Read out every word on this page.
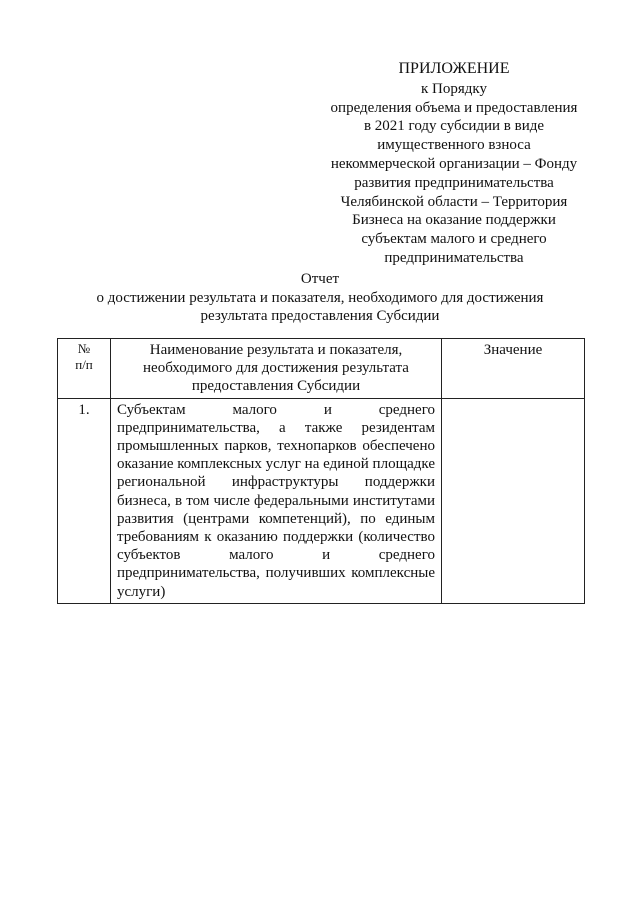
ПРИЛОЖЕНИЕ
к Порядку
определения объема и предоставления
в 2021 году субсидии в виде
имущественного взноса
некоммерческой организации – Фонду
развития предпринимательства
Челябинской области – Территория
Бизнеса на оказание поддержки
субъектам малого и среднего
предпринимательства
Отчет
о достижении результата и показателя, необходимого для достижения
результата предоставления Субсидии
№
п/п	Наименование результата и показателя, необходимого для достижения результата предоставления Субсидии	Значение
1.	Субъектам малого и среднего предпринимательства, а также резидентам промышленных парков, технопарков обеспечено оказание комплексных услуг на единой площадке региональной инфраструктуры поддержки бизнеса, в том числе федеральными институтами развития (центрами компетенций), по единым требованиям к оказанию поддержки (количество субъектов малого и среднего предпринимательства, получивших комплексные услуги)	
